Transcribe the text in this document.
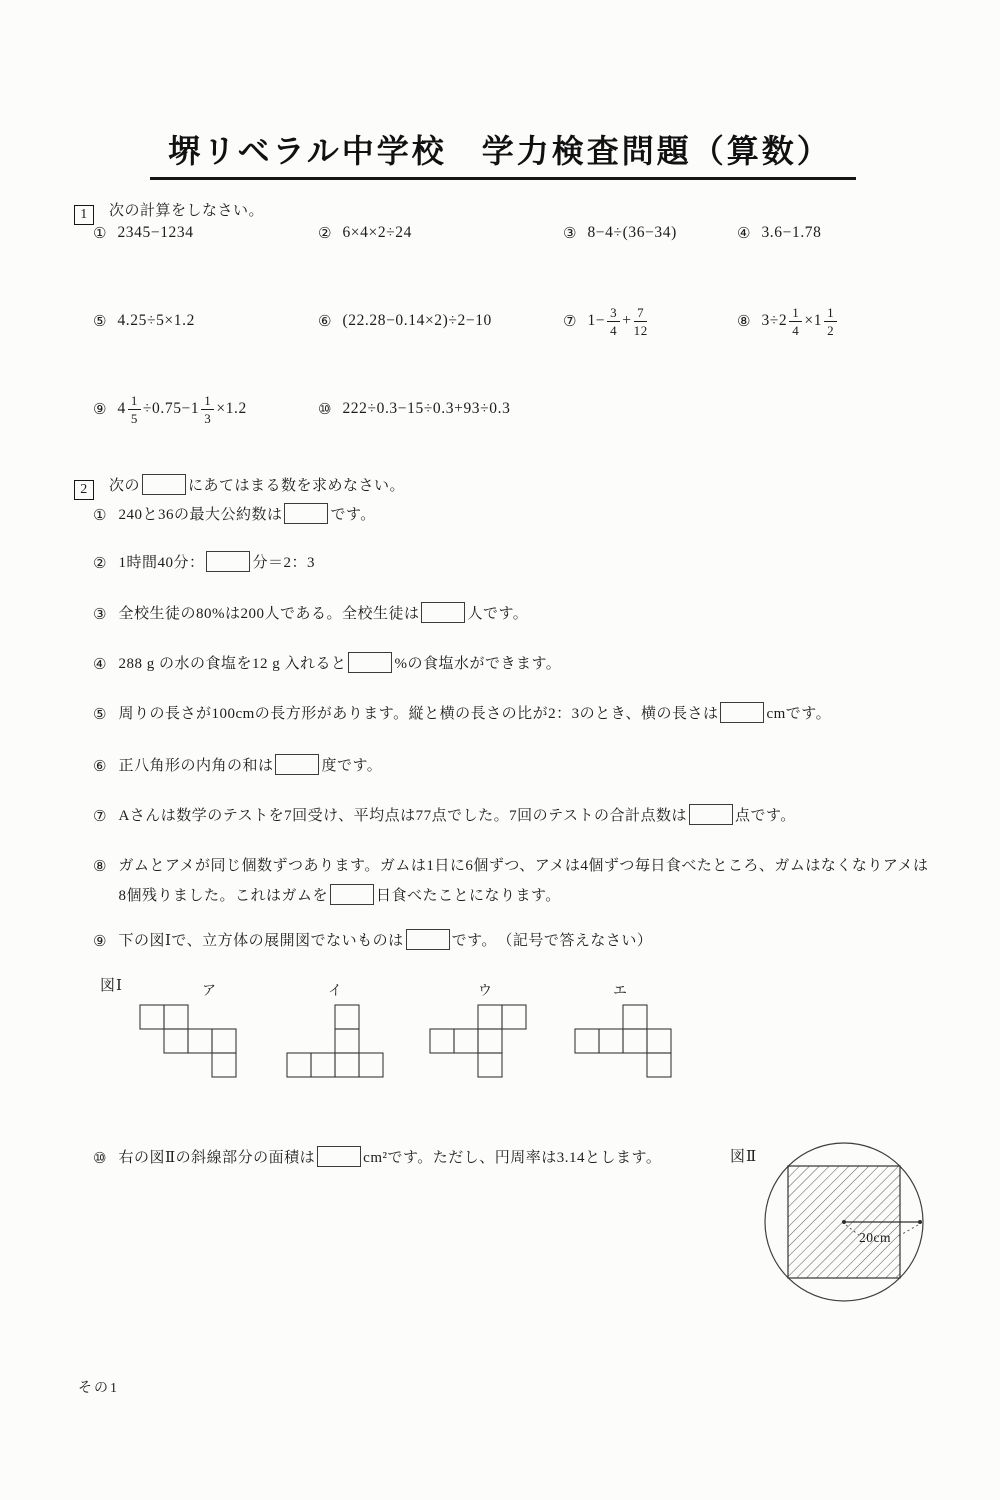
堺リベラル中学校　学力検査問題（算数）
1 次の計算をしなさい。
① 2345−1234	② 6×4×2÷24	③ 8−4÷(36−34)	④ 3.6−1.78
⑤ 4.25÷5×1.2	⑥ (22.28−0.14×2)÷2−10	⑦ $1- \frac{3}{4} + \frac{7}{12}$	⑧ $3\div 2 \frac{1}{4} \times 1 \frac{1}{2}$
⑨ $4 \frac{1}{5} \div 0.75-1 \frac{1}{3} \times 1.2$	⑩ 222÷0.3−15÷0.3+93÷0.3
2 次の	にあてはまる数を求めなさい。
① 240と36の最大公約数は	です。
② 1時間40分：	分＝2：3
③ 全校生徒の80%は200人である。全校生徒は	人です。
④ 288 g の水の食塩を12 g 入れると	%の食塩水ができます。
⑤ 周りの長さが100cmの長方形があります。縦と横の長さの比が2：3のとき、横の長さは	cmです。
⑥ 正八角形の内角の和は	度です。
⑦ Aさんは数学のテストを7回受け、平均点は77点でした。7回のテストの合計点数は	点です。
⑧ ガムとアメが同じ個数ずつあります。ガムは1日に6個ずつ、アメは4個ずつ毎日食べたところ、ガムはなくなりアメは8個残りました。これはガムを	日食べたことになります。
⑨ 下の図Ⅰで、立方体の展開図でないものは	です。　（記号で答えなさい）
図Ⅰ	ア	イ	ウ	エ
⑩ 右の図Ⅱの斜線部分の面積は	cm²です。ただし、円周率は3.14とします。	図Ⅱ
20cm
その1
